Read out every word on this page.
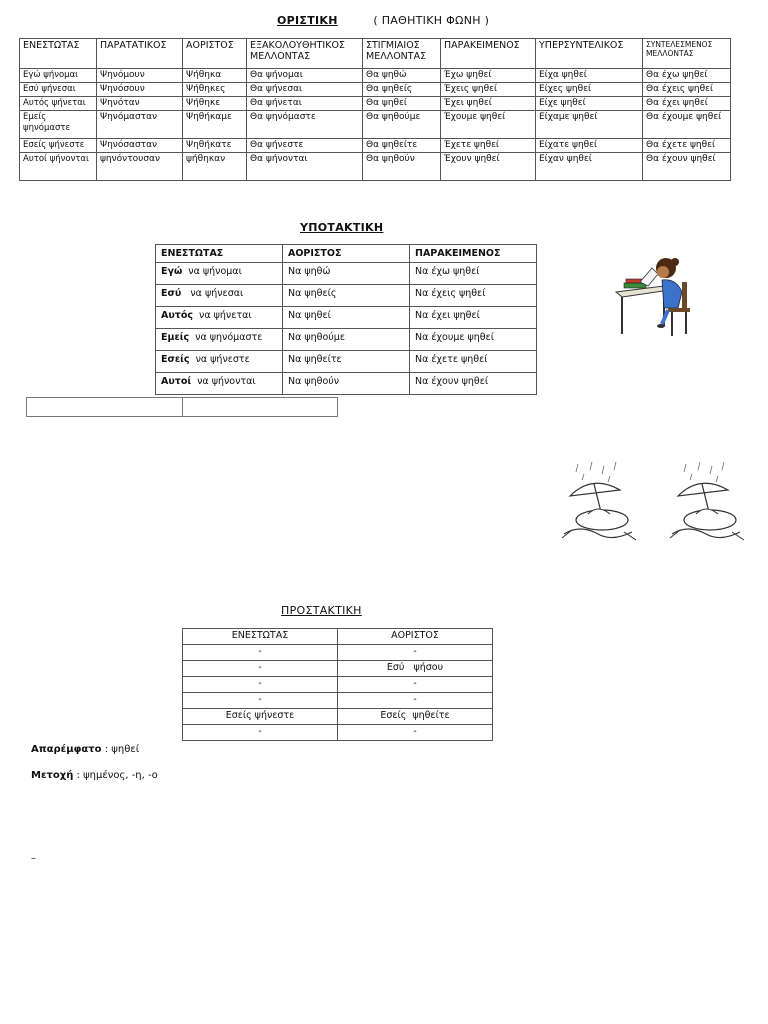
ΟΡΙΣΤΙΚΗ	( ΠΑΘΗΤΙΚΗ ΦΩΝΗ )
ΕΝΕΣΤΩΤΑΣ	ΠΑΡΑΤΑΤΙΚΟΣ	ΑΟΡΙΣΤΟΣ	ΕΞΑΚΟΛΟΥΘΗΤΙΚΟΣ ΜΕΛΛΟΝΤΑΣ	ΣΤΙΓΜΙΑΙΟΣ ΜΕΛΛΟΝΤΑΣ	ΠΑΡΑΚΕΙΜΕΝΟΣ	ΥΠΕΡΣΥΝΤΕΛΙΚΟΣ	ΣΥΝΤΕΛΕΣΜΕΝΟΣ ΜΕΛΛΟΝΤΑΣ
Εγώ ψήνομαι	Ψηνόμουν	Ψήθηκα	Θα ψήνομαι	Θα ψηθώ	Έχω ψηθεί	Είχα ψηθεί	Θα έχω ψηθεί
Εσύ ψήνεσαι	Ψηνόσουν	Ψήθηκες	Θα ψήνεσαι	Θα ψηθείς	Έχεις ψηθεί	Είχες ψηθεί	Θα έχεις ψηθεί
Αυτός ψήνεται	Ψηνόταν	Ψήθηκε	Θα ψήνεται	Θα ψηθεί	Έχει ψηθεί	Είχε ψηθεί	Θα έχει ψηθεί
Εμείς ψηνόμαστε	Ψηνόμασταν	Ψηθήκαμε	Θα ψηνόμαστε	Θα ψηθούμε	Έχουμε ψηθεί	Είχαμε ψηθεί	Θα έχουμε ψηθεί
Εσείς ψήνεστε	Ψηνόσασταν	Ψηθήκατε	Θα ψήνεστε	Θα ψηθείτε	Έχετε ψηθεί	Είχατε ψηθεί	Θα έχετε ψηθεί
Αυτοί ψήνονται	ψηνόντουσαν	ψήθηκαν	Θα ψήνονται	Θα ψηθούν	Έχουν ψηθεί	Είχαν ψηθεί	Θα έχουν ψηθεί
ΥΠΟΤΑΚΤΙΚΗ
ΕΝΕΣΤΩΤΑΣ	ΑΟΡΙΣΤΟΣ	ΠΑΡΑΚΕΙΜΕΝΟΣ
Εγώ να ψήνομαι	Να ψηθώ	Να έχω ψηθεί
Εσύ να ψήνεσαι	Να ψηθείς	Να έχεις ψηθεί
Αυτός να ψήνεται	Να ψηθεί	Να έχει ψηθεί
Εμείς να ψηνόμαστε	Να ψηθούμε	Να έχουμε ψηθεί
Εσείς να ψήνεστε	Να ψηθείτε	Να έχετε ψηθεί
Αυτοί να ψήνονται	Να ψηθούν	Να έχουν ψηθεί
ΠΡΟΣΤΑΚΤΙΚΗ
ΕΝΕΣΤΩΤΑΣ	ΑΟΡΙΣΤΟΣ
-	-
-	Εσύ   ψήσου
-	-
-	-
Εσείς ψήνεστε	Εσείς  ψηθείτε
-	-
Απαρέμφατο : ψηθεί
Μετοχή : ψημένος, -η, -ο
–
